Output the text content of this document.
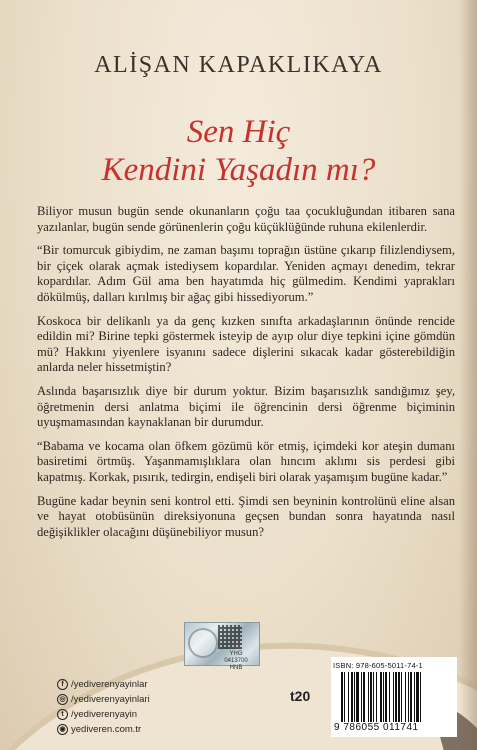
ALİŞAN KAPAKLIKAYA
Sen Hiç
Kendini Yaşadın mı?

Biliyor musun bugün sende okunanların çoğu taa çocukluğundan itibaren sana yazılanlar, bugün sende görünenlerin çoğu küçüklüğünde ruhuna ekilenlerdir.

“Bir tomurcuk gibiydim, ne zaman başımı toprağın üstüne çıkarıp filizlendiysem, bir çiçek olarak açmak istediysem kopardılar. Yeniden açmayı denedim, tekrar kopardılar. Adım Gül ama ben hayatımda hiç gülmedim. Kendimi yaprakları dökülmüş, dalları kırılmış bir ağaç gibi hissediyorum.”

Koskoca bir delikanlı ya da genç kızken sınıfta arkadaşlarının önünde rencide edildin mi? Birine tepki göstermek isteyip de ayıp olur diye tepkini içine gömdün mü? Hakkını yiyenlere isyanını sadece dişlerini sıkacak kadar gösterebildiğin anlarda neler hissetmiştin?

Aslında başarısızlık diye bir durum yoktur. Bizim başarısızlık sandığımız şey, öğretmenin dersi anlatma biçimi ile öğrencinin dersi öğrenme biçiminin uyuşmamasından kaynaklanan bir durumdur.

“Babama ve kocama olan öfkem gözümü kör etmiş, içimdeki kor ateşin dumanı basiretimi örtmüş. Yaşanmamışlıklara olan hıncım aklımı sis perdesi gibi kapatmış. Korkak, pısırık, tedirgin, endişeli biri olarak yaşamışım bugüne kadar.”

Bugüne kadar beynin seni kontrol etti. Şimdi sen beyninin kontrolünü eline alsan ve hayat otobüsünün direksiyonuna geçsen bundan sonra hayatında nasıl değişiklikler olacağını düşünebiliyor musun?

YHG
0413700
HNB
f /yediverenyayinlar
◎ /yediverenyayinlari
t /yediverenyayin
◉ yediveren.com.tr
t20
ISBN: 978-605-5011-74-1
9 786055 011741
